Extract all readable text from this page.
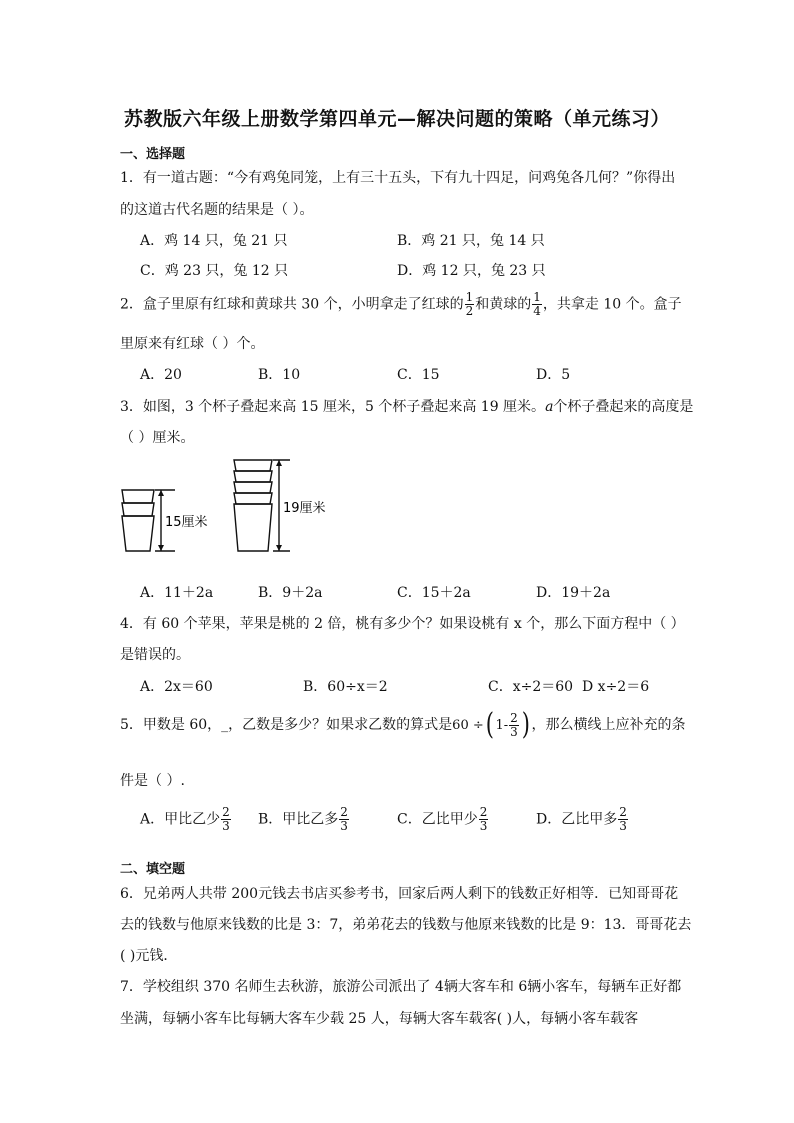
苏教版六年级上册数学第四单元—解决问题的策略（单元练习）
一、选择题
1．有一道古题：“今有鸡兔同笼，上有三十五头，下有九十四足，问鸡兔各几何？”你得出
的这道古代名题的结果是（ ）。
A．鸡 14 只，兔 21 只	B．鸡 21 只，兔 14 只
C．鸡 23 只，兔 12 只	D．鸡 12 只，兔 23 只
2．盒子里原有红球和黄球共 30 个，小明拿走了红球的 $\frac{1}{2}$ 和黄球的 $\frac{1}{4}$ ，共拿走 10 个。盒子
里原来有红球（ ）个。
A．20	B．10	C．15	D．5
3．如图，3 个杯子叠起来高 15 厘米，5 个杯子叠起来高 19 厘米。a个杯子叠起来的高度是
（ ）厘米。
15厘米
19厘米
A．11＋2a	B．9＋2a	C．15＋2a	D．19＋2a
4．有 60 个苹果，苹果是桃的 2 倍，桃有多少个？如果设桃有 x 个，那么下面方程中（ ）
是错误的。
A．2x＝60	B．60÷x＝2	C．x÷2＝60 D x÷2＝6
5．甲数是 60，_，乙数是多少？如果求乙数的算式是60 ÷( $1- \frac{2}{3}$ ) ，那么横线上应补充的条
件是（ ）.
A．甲比乙少 $\frac{2}{3}$ B．甲比乙多 $\frac{2}{3}$	C．乙比甲少 $\frac{2}{3}$	D．乙比甲多 $\frac{2}{3}$
二、填空题
6．兄弟两人共带 200元钱去书店买参考书，回家后两人剩下的钱数正好相等．已知哥哥花
去的钱数与他原来钱数的比是 3：7，弟弟花去的钱数与他原来钱数的比是 9：13．哥哥花去
( )元钱．
7．学校组织 370 名师生去秋游，旅游公司派出了 4辆大客车和 6辆小客车，每辆车正好都
坐满，每辆小客车比每辆大客车少载 25 人，每辆大客车载客( )人，每辆小客车载客
